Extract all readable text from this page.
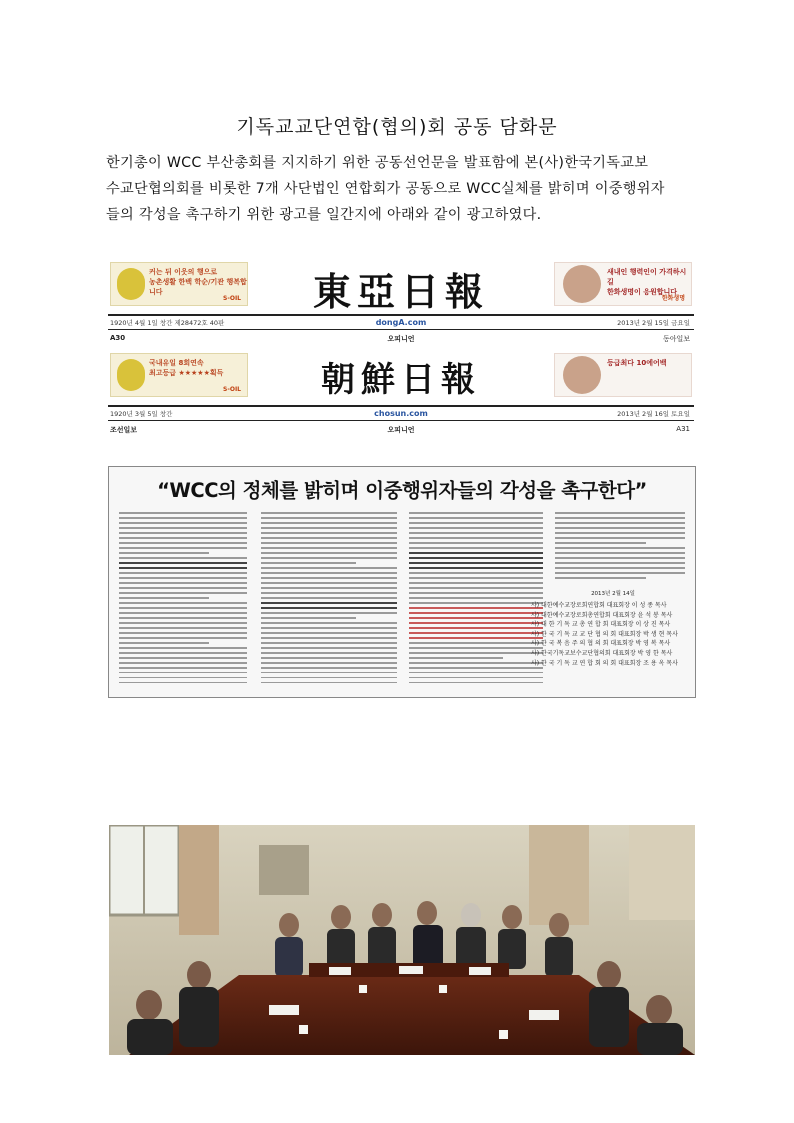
기독교교단연합(협의)회 공동 담화문
한기총이 WCC 부산총회를 지지하기 위한 공동선언문을 발표함에 본(사)한국기독교보
수교단협의회를 비롯한 7개 사단법인 연합회가 공동으로 WCC실체를 밝히며 이중행위자
들의 각성을 촉구하기 위한 광고를 일간지에 아래와 같이 광고하였다.
커는 뒤 이웃의 행으로
농촌생활 한백 학순/기관 행복합니다
S-OIL	東亞日報	새내인 행력인이 가격하시길
한화생명이 응원합니다
한화생명
1920년 4월 1일 창간 제28472호 40판	dongA.com	2013년 2월 15일 금요일
A30	오피니언	동아일보
국내유일 8회연속
최고등급 ★★★★★획득
S-OIL	朝鮮日報	등급최다 10에어백
1920년 3월 5일 창간	chosun.com	2013년 2월 16일 토요일
조선일보	오피니언	A31
“WCC의 정체를 밝히며 이중행위자들의 각성을 촉구한다”
2013년 2월 14일
사) 대한예수교장로회연합회 대표회장 이 성 종 목사
사) 대한예수교장로회총연합회 대표회장 윤 석 봉 목사
사) 대 한 기 독 교 총 연 합 회 대표회장 이 상 진 목사
사) 한 국 기 독 교 교 단 협 의 회 대표회장 박 생 현 목사
사) 한 국 복 음 주 의 협 의 회 대표회장 박 영 복 목사
사) 한국기독교보수교단협의회 대표회장 박 영 한 목사
사) 한 국 기 독 교 연 합 회 의 회 대표회장 조 용 옥 목사
